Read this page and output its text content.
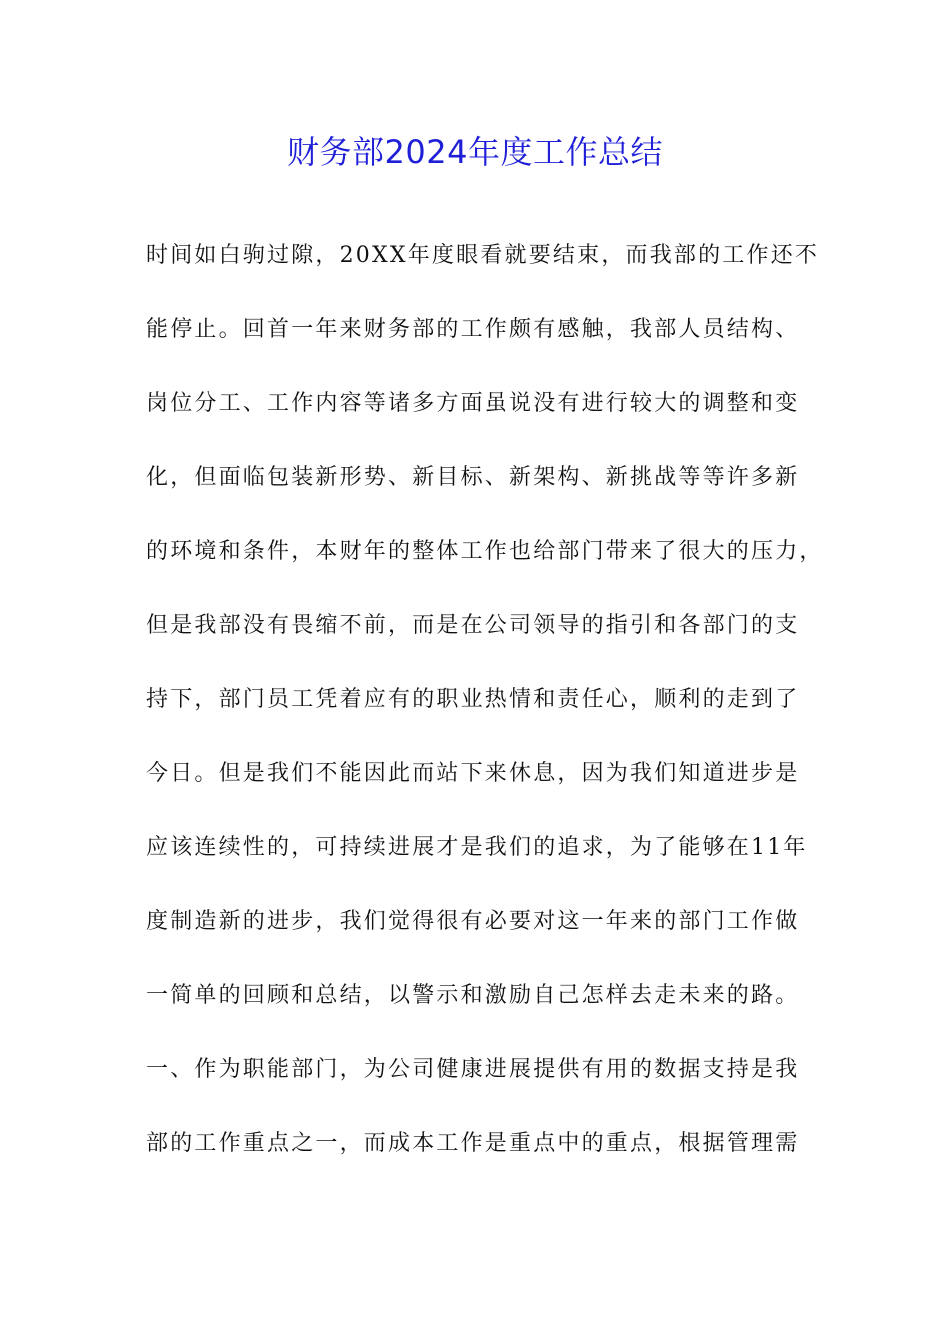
财务部2024年度工作总结
时间如白驹过隙，20XX年度眼看就要结束，而我部的工作还不
能停止。回首一年来财务部的工作颇有感触，我部人员结构、
岗位分工、工作内容等诸多方面虽说没有进行较大的调整和变
化，但面临包装新形势、新目标、新架构、新挑战等等许多新
的环境和条件，本财年的整体工作也给部门带来了很大的压力，
但是我部没有畏缩不前，而是在公司领导的指引和各部门的支
持下，部门员工凭着应有的职业热情和责任心，顺利的走到了
今日。但是我们不能因此而站下来休息，因为我们知道进步是
应该连续性的，可持续进展才是我们的追求，为了能够在11年
度制造新的进步，我们觉得很有必要对这一年来的部门工作做
一简单的回顾和总结，以警示和激励自己怎样去走未来的路。
一、作为职能部门，为公司健康进展提供有用的数据支持是我
部的工作重点之一，而成本工作是重点中的重点，根据管理需
